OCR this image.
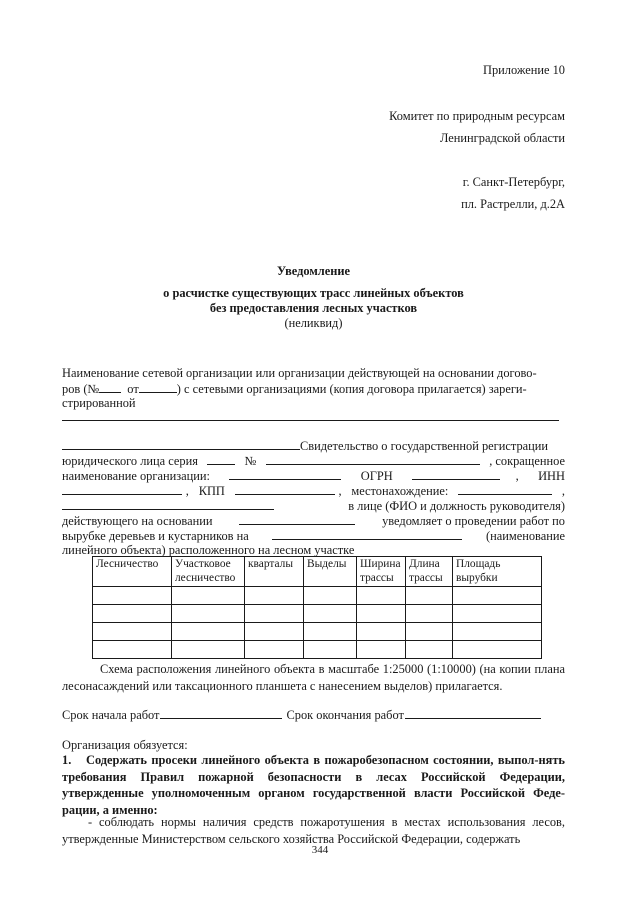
Приложение 10
Комитет по природным ресурсам
Ленинградской области
г. Санкт-Петербург,
пл. Растрелли, д.2А
Уведомление
о расчистке существующих трасс линейных объектов
без предоставления лесных участков
(неликвид)
Наименование сетевой организации или организации действующей на основании догово-
ров (№ от	) с сетевыми организациями (копия договора прилагается) зареги-
стрированной
Свидетельство о государственной регистрации
юридического лица серия	№	, сокращенное
наименование организации:	ОГРН	, ИНН
, КПП	, местонахождение:	,
в лице (ФИО и должность руководителя)
действующего на основании	уведомляет о проведении работ по
вырубке деревьев и кустарников на	(наименование
линейного объекта) расположенного на лесном участке
Лесничество	Участковое лесничество	кварталы	Выделы	Ширина трассы	Длина трассы	Площадь вырубки

Схема расположения линейного объекта в масштабе 1:25000 (1:10000) (на копии плана лесонасаждений или таксационного планшета с нанесением выделов) прилагается.
Срок начала работ	Срок окончания работ
Организация обязуется:
1. Содержать просеки линейного объекта в пожаробезопасном состоянии, выпол-нять требования Правил пожарной безопасности в лесах Российской Федерации, утвержденные уполномоченным органом государственной власти Российской Феде-рации, а именно:
- соблюдать нормы наличия средств пожаротушения в местах использования лесов, утвержденные Министерством сельского хозяйства Российской Федерации, содержать
344
